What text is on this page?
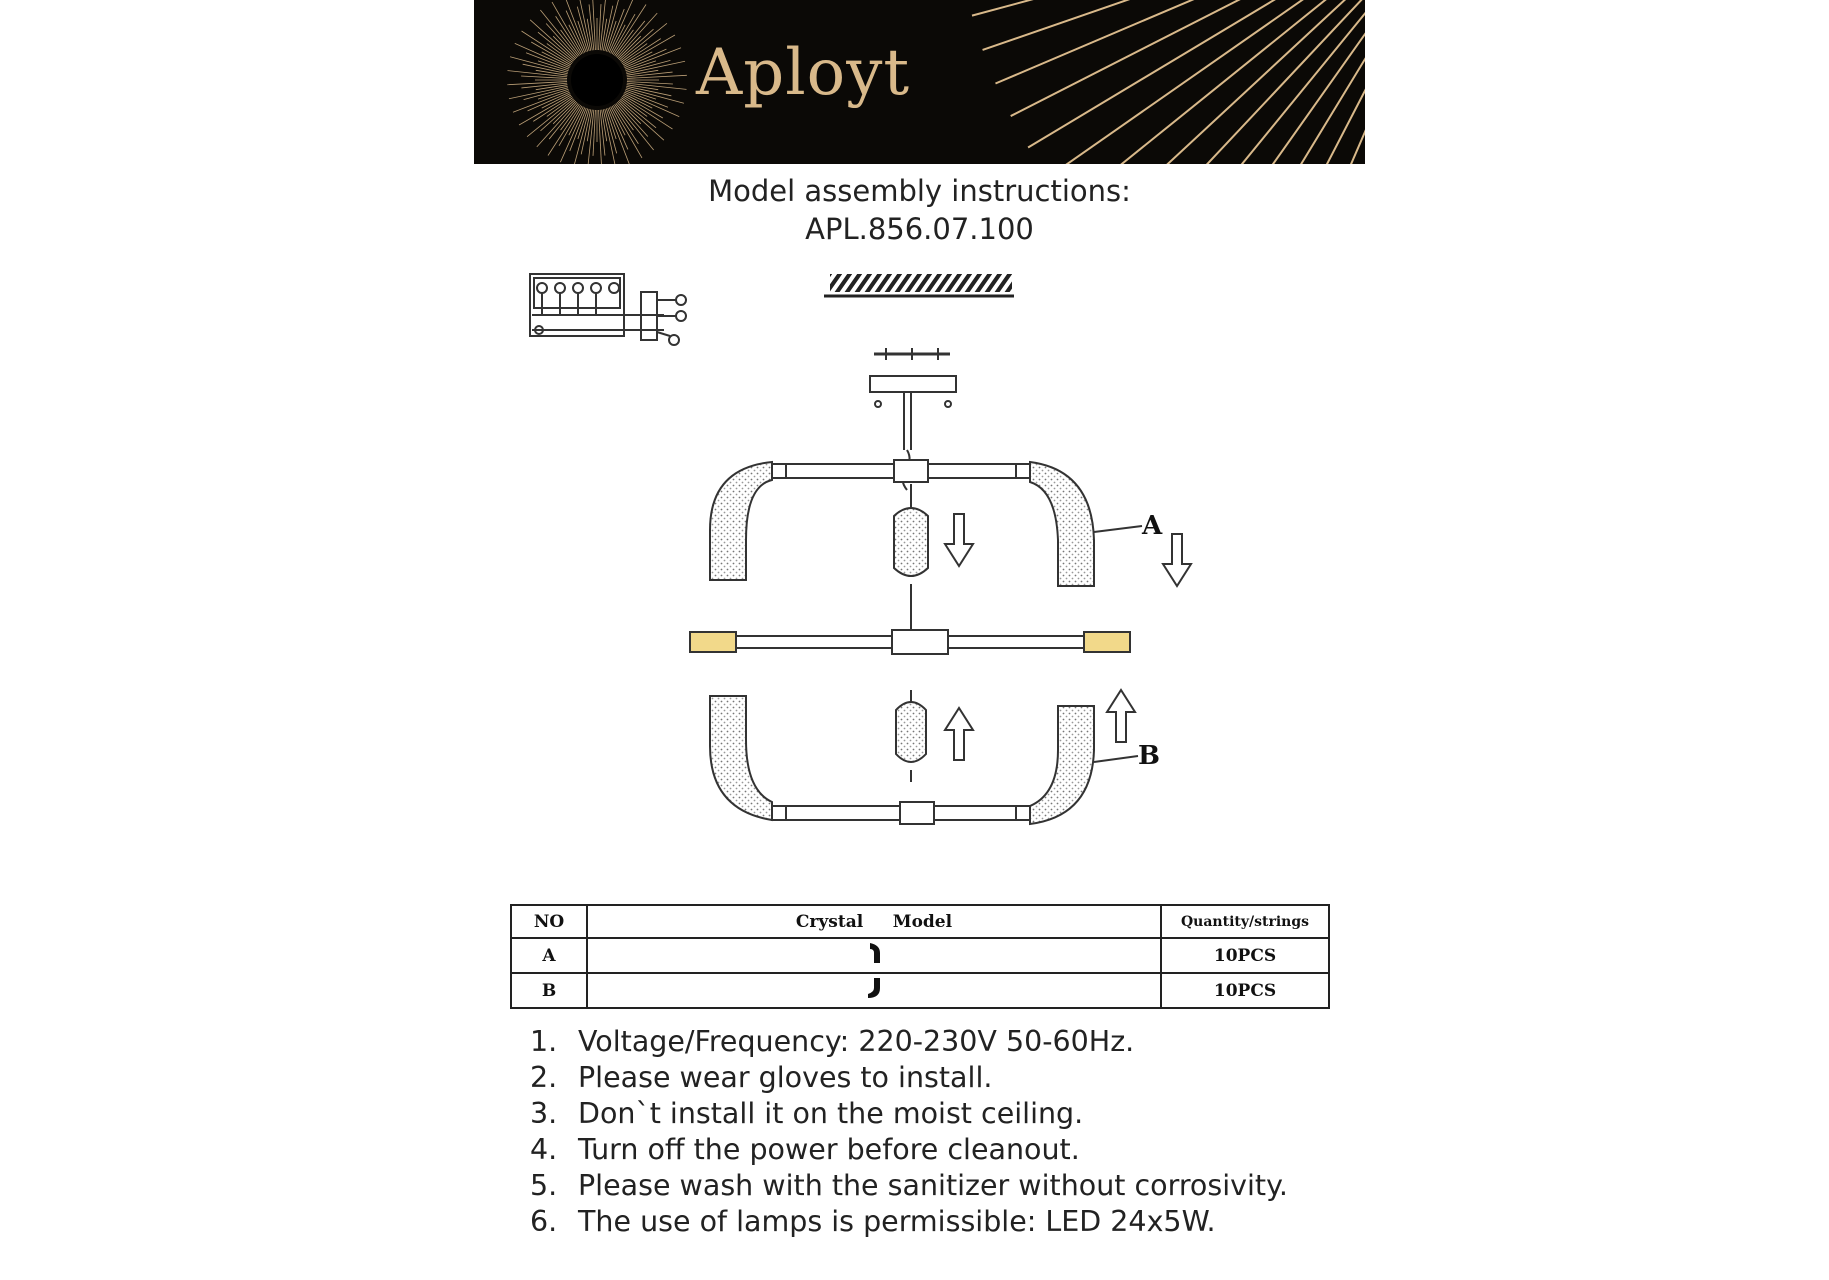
Aployt
Model assembly instructions:
APL.856.07.100
A
B
NO	Crystal     Model	Quantity/strings
A		10PCS
B		10PCS
1. Voltage/Frequency: 220-230V 50-60Hz.
2. Please wear gloves to install.
3. Don`t install it on the moist ceiling.
4. Turn off the power before cleanout.
5. Please wash with the sanitizer without corrosivity.
6. The use of lamps is permissible: LED 24x5W.
